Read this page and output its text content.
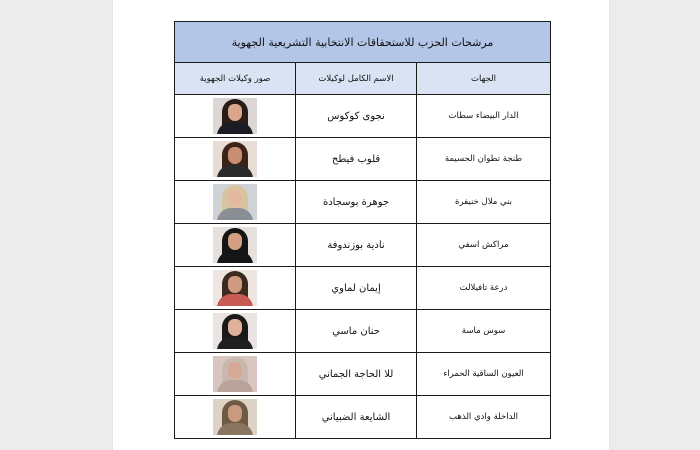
مرشحات الحزب للاستحقاقات الانتخابية التشريعية الجهوية		
الجهات	الاسم الكامل لوكيلات	صور وكيلات الجهوية
الدار البيضاء سطات	نجوى كوكوس	

طنجة تطوان الحسيمة	قلوب فيطح	

بني ملال خنيفرة	جوهرة بوسجادة	

مراكش اسفي	نادية بوزندوفة	

درعة تافيلالت	إيمان لماوي	

سوس ماسة	حنان ماسي	

العيون الساقية الحمراء	للا الحاجة الجماني	

الداخلة وادي الذهب	الشايعة الضبياني	
